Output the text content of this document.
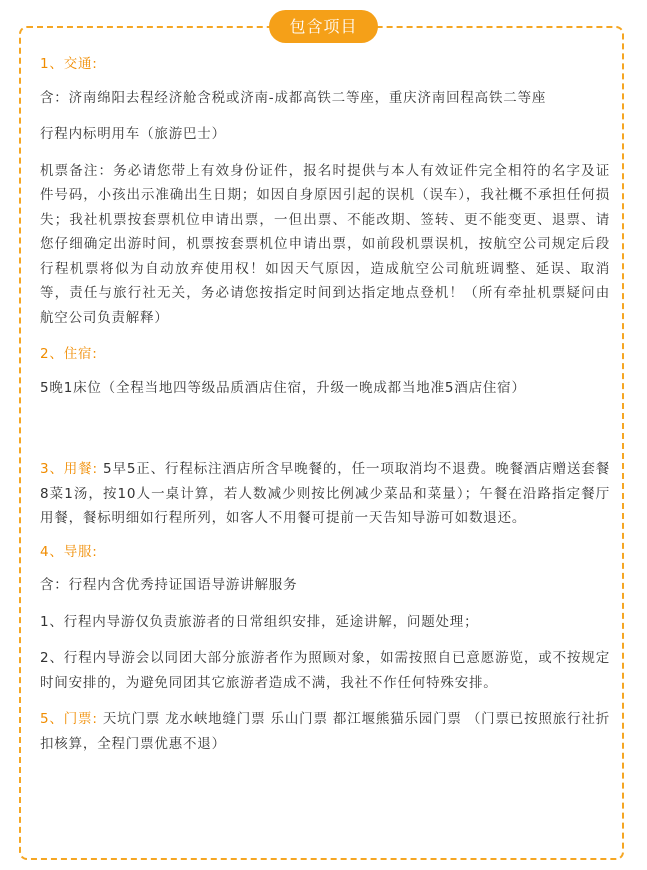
包含项目

1、交通:

含：济南绵阳去程经济舱含税或济南-成都高铁二等座，重庆济南回程高铁二等座

行程内标明用车（旅游巴士）

机票备注：务必请您带上有效身份证件，报名时提供与本人有效证件完全相符的名字及证件号码，小孩出示准确出生日期；如因自身原因引起的误机（误车），我社概不承担任何损失；我社机票按套票机位申请出票，一但出票、不能改期、签转、更不能变更、退票、请您仔细确定出游时间，机票按套票机位申请出票，如前段机票误机，按航空公司规定后段行程机票将似为自动放弃使用权！如因天气原因，造成航空公司航班调整、延误、取消等，责任与旅行社无关，务必请您按指定时间到达指定地点登机！（所有牵扯机票疑问由航空公司负责解释）

2、住宿:

5晚1床位（全程当地四等级品质酒店住宿，升级一晚成都当地准5酒店住宿）

3、用餐: 5早5正、行程标注酒店所含早晚餐的，任一项取消均不退费。晚餐酒店赠送套餐8菜1汤，按10人一桌计算，若人数减少则按比例减少菜品和菜量）；午餐在沿路指定餐厅用餐，餐标明细如行程所列，如客人不用餐可提前一天告知导游可如数退还。

4、导服:

含：行程内含优秀持证国语导游讲解服务

1、行程内导游仅负责旅游者的日常组织安排，延途讲解，问题处理；

2、行程内导游会以同团大部分旅游者作为照顾对象，如需按照自已意愿游览，或不按规定时间安排的，为避免同团其它旅游者造成不满，我社不作任何特殊安排。

5、门票: 天坑门票 龙水峡地缝门票 乐山门票 都江堰熊猫乐园门票 （门票已按照旅行社折扣核算，全程门票优惠不退）
